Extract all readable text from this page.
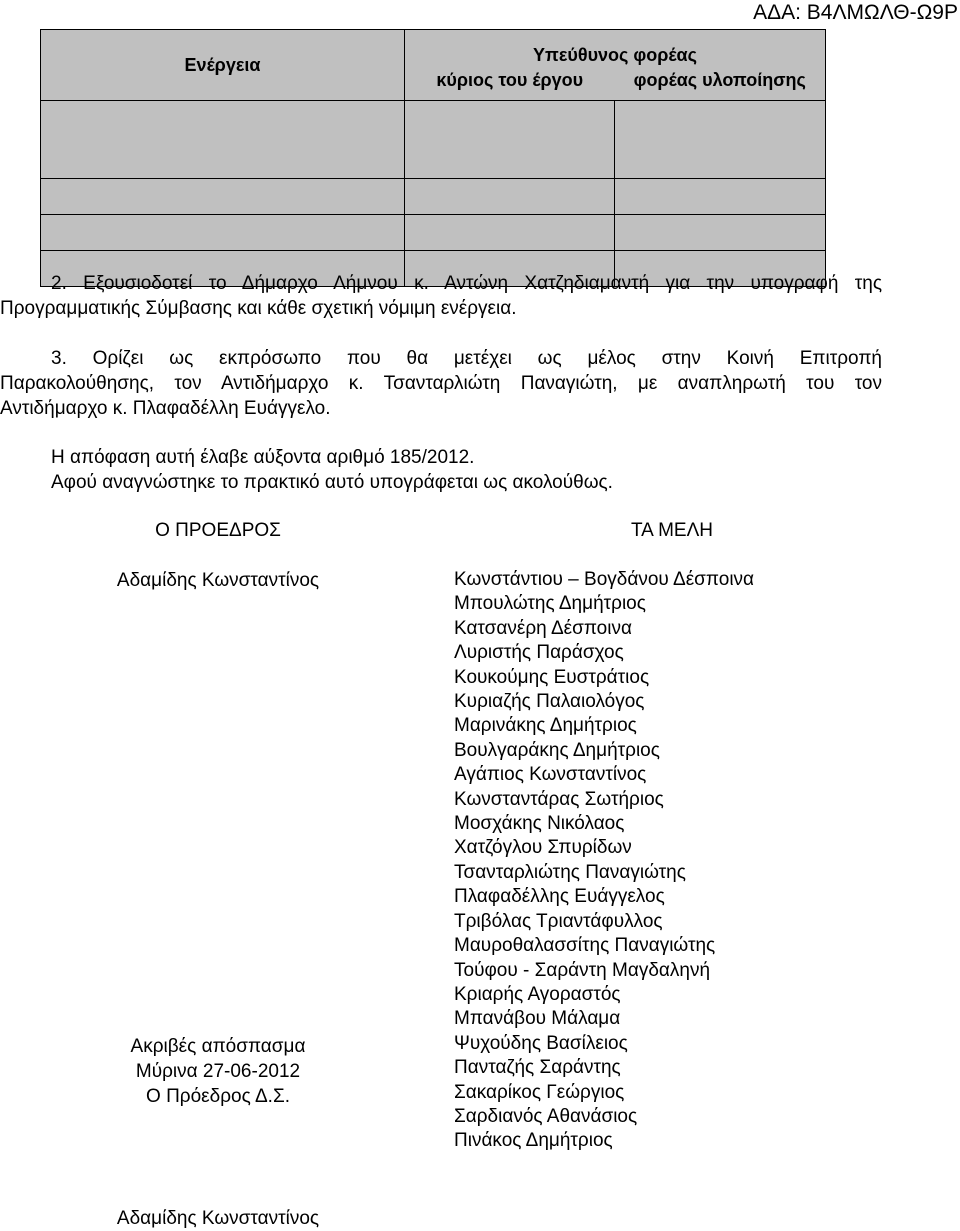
ΑΔΑ: Β4ΛΜΩΛΘ-Ω9Ρ
Ενέργεια	Υπεύθυνος φορέας	
	κύριος του έργου	φορέας υλοποίησης

2. Εξουσιοδοτεί το Δήμαρχο Λήμνου κ. Αντώνη Χατζηδιαμαντή για την υπογραφή της
Προγραμματικής Σύμβασης και κάθε σχετική νόμιμη ενέργεια.
3. Ορίζει ως εκπρόσωπο που θα μετέχει ως μέλος στην Κοινή Επιτροπή
Παρακολούθησης, τον Αντιδήμαρχο κ. Τσανταρλιώτη Παναγιώτη, με αναπληρωτή του τον
Αντιδήμαρχο κ. Πλαφαδέλλη Ευάγγελο.
Η απόφαση αυτή έλαβε αύξοντα αριθμό 185/2012.
Αφού αναγνώστηκε το πρακτικό αυτό υπογράφεται ως ακολούθως.
Ο ΠΡΟΕΔΡΟΣ
Αδαμίδης Κωνσταντίνος
ΤΑ ΜΕΛΗ
Κωνστάντιου – Βογδάνου Δέσποινα
Μπουλώτης Δημήτριος
Κατσανέρη Δέσποινα
Λυριστής Παράσχος
Κουκούμης Ευστράτιος
Κυριαζής Παλαιολόγος
Μαρινάκης Δημήτριος
Βουλγαράκης Δημήτριος
Αγάπιος Κωνσταντίνος
Κωνσταντάρας Σωτήριος
Μοσχάκης Νικόλαος
Χατζόγλου Σπυρίδων
Τσανταρλιώτης Παναγιώτης
Πλαφαδέλλης Ευάγγελος
Τριβόλας Τριαντάφυλλος
Μαυροθαλασσίτης Παναγιώτης
Τούφου - Σαράντη Μαγδαληνή
Κριαρής Αγοραστός
Μπανάβου Μάλαμα
Ψυχούδης Βασίλειος
Πανταζής Σαράντης
Σακαρίκος Γεώργιος
Σαρδιανός Αθανάσιος
Πινάκος Δημήτριος
Ακριβές απόσπασμα
Μύρινα 27-06-2012
Ο Πρόεδρος Δ.Σ.
Αδαμίδης Κωνσταντίνος
